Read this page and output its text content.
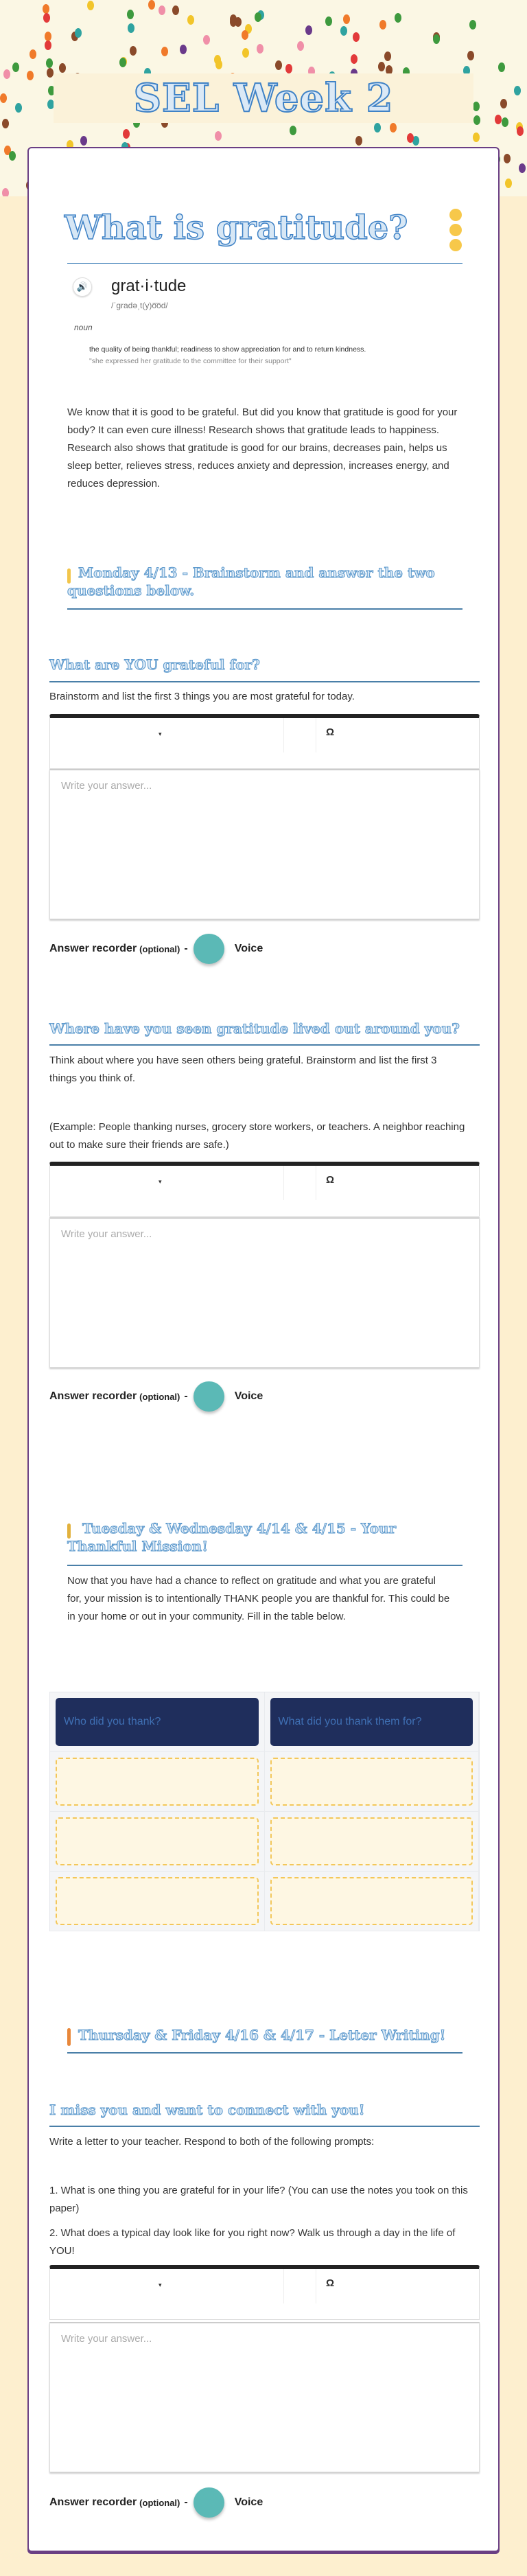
SEL Week 2
What is gratitude?
🔊 grat·i·tude
/ˈɡradəˌt(y)o͞od/
noun
the quality of being thankful; readiness to show appreciation for and to return kindness.
"she expressed her gratitude to the committee for their support"
We know that it is good to be grateful. But did you know that gratitude is good for your body? It can even cure illness! Research shows that gratitude leads to happiness. Research also shows that gratitude is good for our brains, decreases pain, helps us sleep better, relieves stress, reduces anxiety and depression, increases energy, and reduces depression.
Monday 4/13 - Brainstorm and answer the two questions below.
What are YOU grateful for?
Brainstorm and list the first 3 things you are most grateful for today.
▾	Ω
Write your answer...
Answer recorder (optional) -	Voice
Where have you seen gratitude lived out around you?
Think about where you have seen others being grateful. Brainstorm and list the first 3 things you think of.
(Example: People thanking nurses, grocery store workers, or teachers. A neighbor reaching out to make sure their friends are safe.)
▾	Ω
Write your answer...
Answer recorder (optional) -	Voice
Tuesday & Wednesday 4/14 & 4/15 - Your Thankful Mission!
Now that you have had a chance to reflect on gratitude and what you are grateful for, your mission is to intentionally THANK people you are thankful for. This could be in your home or out in your community. Fill in the table below.
Who did you thank?	What did you thank them for?
Thursday & Friday 4/16 & 4/17 - Letter Writing!
I miss you and want to connect with you!
Write a letter to your teacher. Respond to both of the following prompts:
1. What is one thing you are grateful for in your life? (You can use the notes you took on this paper)
2. What does a typical day look like for you right now? Walk us through a day in the life of YOU!
▾	Ω
Write your answer...
Answer recorder (optional) -	Voice
